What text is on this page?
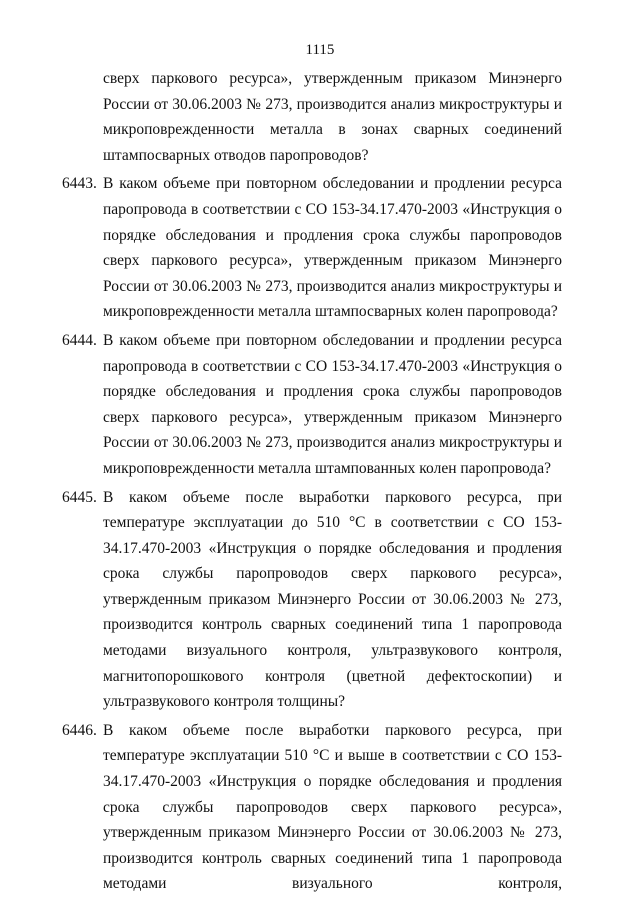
1115
сверх паркового ресурса», утвержденным приказом Минэнерго России от 30.06.2003 № 273, производится анализ микроструктуры и микроповрежденности металла в зонах сварных соединений штампосварных отводов паропроводов?
6443. В каком объеме при повторном обследовании и продлении ресурса паропровода в соответствии с СО 153-34.17.470-2003 «Инструкция о порядке обследования и продления срока службы паропроводов сверх паркового ресурса», утвержденным приказом Минэнерго России от 30.06.2003 № 273, производится анализ микроструктуры и микроповрежденности металла штампосварных колен паропровода?
6444. В каком объеме при повторном обследовании и продлении ресурса паропровода в соответствии с СО 153-34.17.470-2003 «Инструкция о порядке обследования и продления срока службы паропроводов сверх паркового ресурса», утвержденным приказом Минэнерго России от 30.06.2003 № 273, производится анализ микроструктуры и микроповрежденности металла штампованных колен паропровода?
6445. В каком объеме после выработки паркового ресурса, при температуре эксплуатации до 510 °С в соответствии с СО 153-34.17.470-2003 «Инструкция о порядке обследования и продления срока службы паропроводов сверх паркового ресурса», утвержденным приказом Минэнерго России от 30.06.2003 № 273, производится контроль сварных соединений типа 1 паропровода методами визуального контроля, ультразвукового контроля, магнитопорошкового контроля (цветной дефектоскопии) и ультразвукового контроля толщины?
6446. В каком объеме после выработки паркового ресурса, при температуре эксплуатации 510 °С и выше в соответствии с СО 153-34.17.470-2003 «Инструкция о порядке обследования и продления срока службы паропроводов сверх паркового ресурса», утвержденным приказом Минэнерго России от 30.06.2003 № 273, производится контроль сварных соединений типа 1 паропровода методами визуального контроля,
